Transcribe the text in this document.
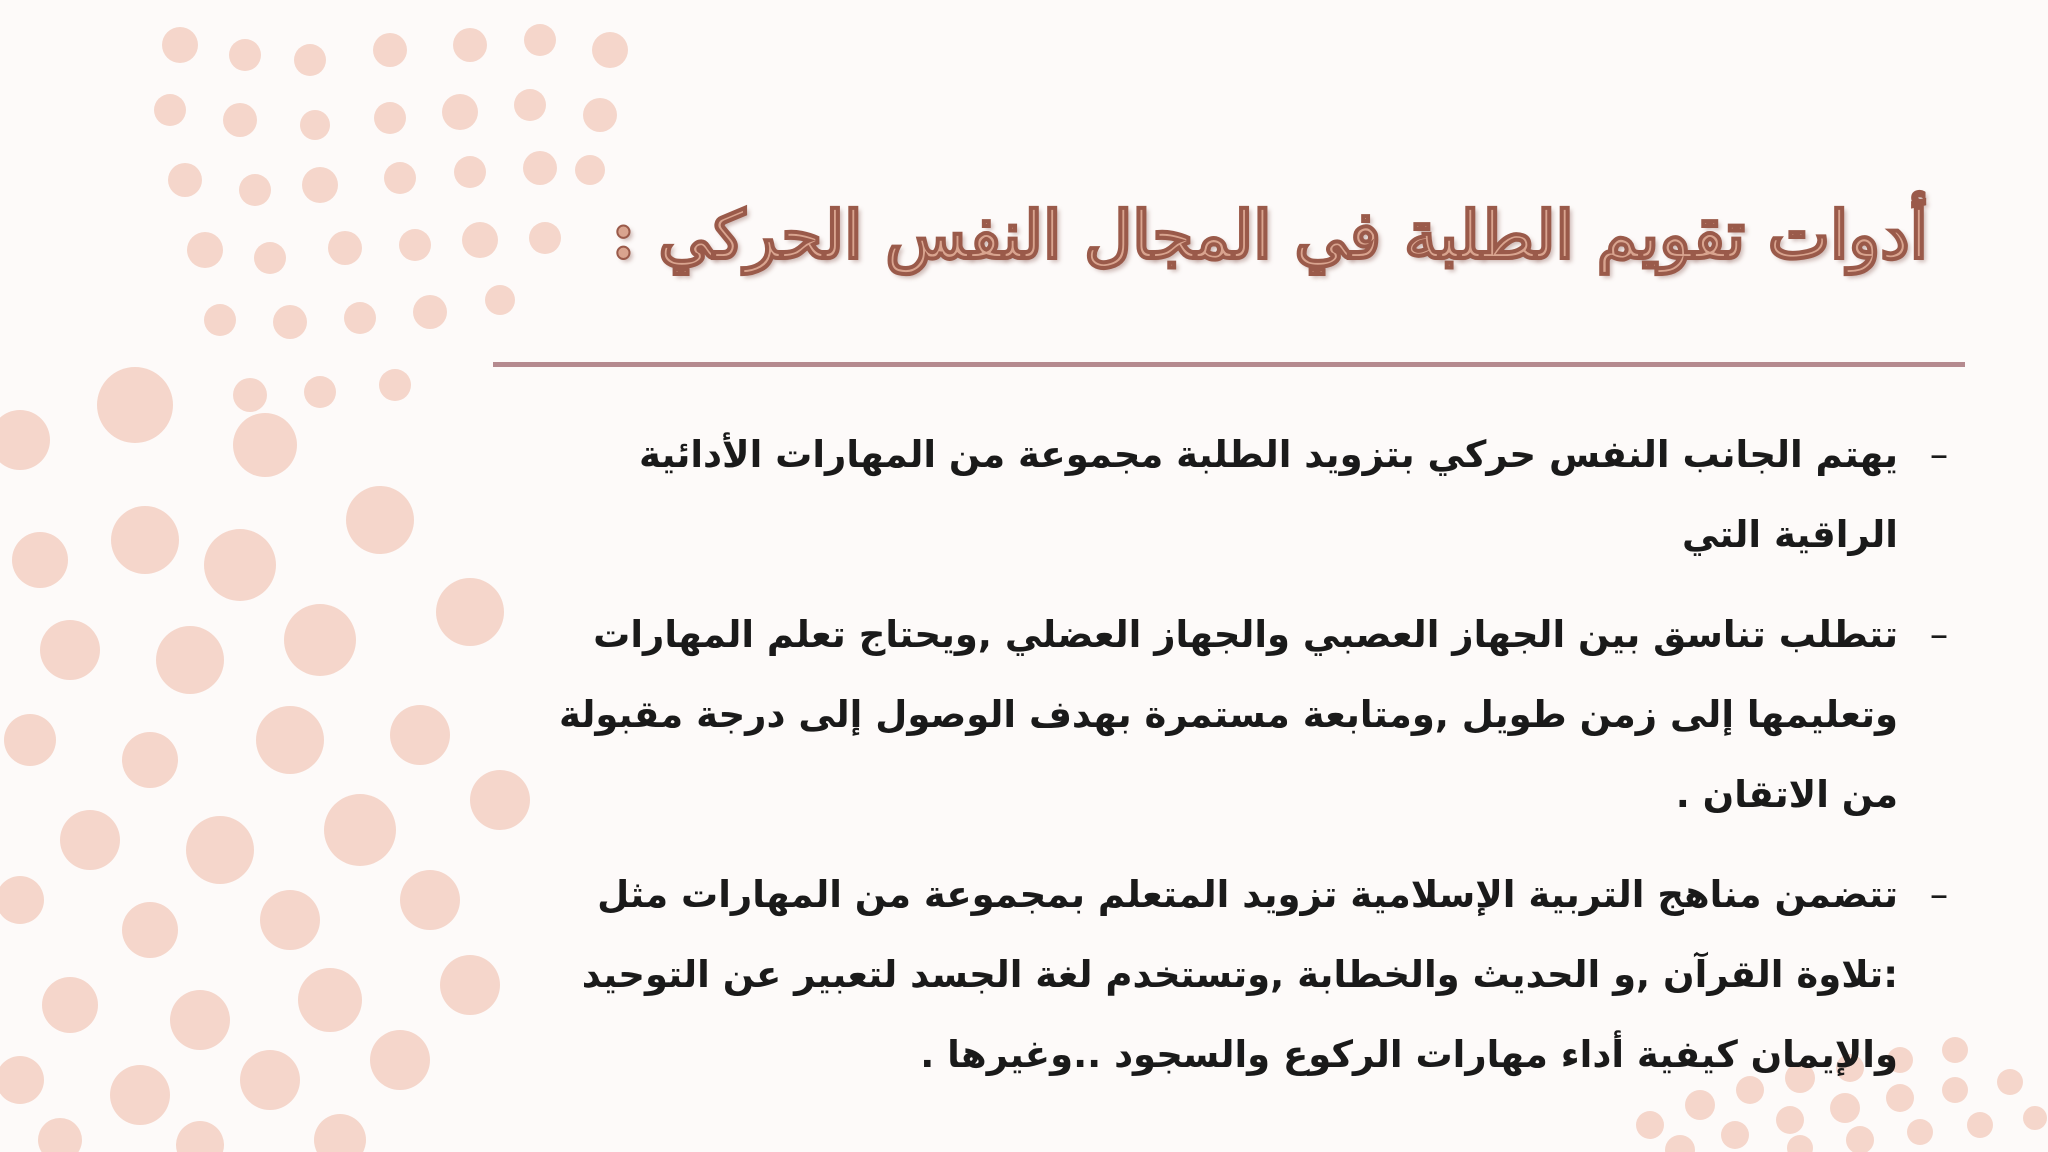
أدوات تقويم الطلبة في المجال النفس الحركي :
–
يهتم الجانب النفس حركي بتزويد الطلبة مجموعة من المهارات الأدائية الراقية التي
–
تتطلب تناسق بين الجهاز العصبي والجهاز العضلي ,ويحتاج تعلم المهارات وتعليمها إلى زمن طويل ,ومتابعة مستمرة بهدف الوصول إلى درجة مقبولة من الاتقان .
–
تتضمن مناهج التربية الإسلامية تزويد المتعلم بمجموعة من المهارات مثل :تلاوة القرآن ,و الحديث والخطابة ,وتستخدم لغة الجسد لتعبير عن التوحيد والإيمان كيفية أداء مهارات الركوع والسجود ..وغيرها .
